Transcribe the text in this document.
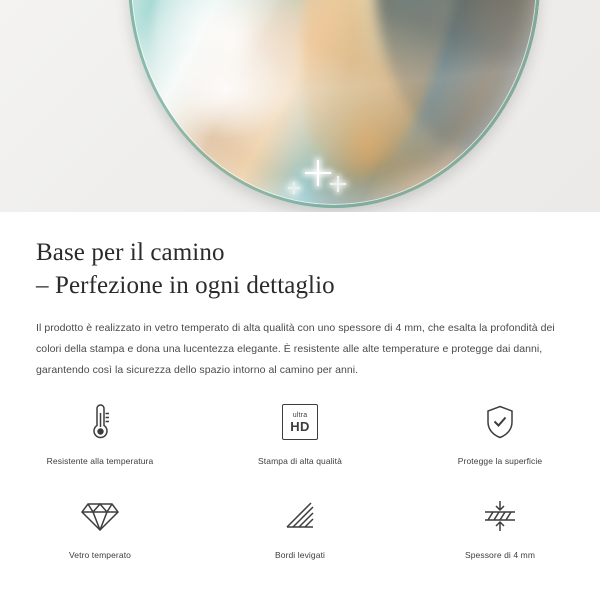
Base per il camino
– Perfezione in ogni dettaglio

Il prodotto è realizzato in vetro temperato di alta qualità con uno spessore di 4 mm, che esalta la profondità dei colori della stampa e dona una lucentezza elegante. È resistente alle alte temperature e protegge dai danni, garantendo così la sicurezza dello spazio intorno al camino per anni.

Resistente alla temperatura
ultra
HD
Stampa di alta qualità	Protegge la superficie
Vetro temperato	Bordi levigati	Spessore di 4 mm
